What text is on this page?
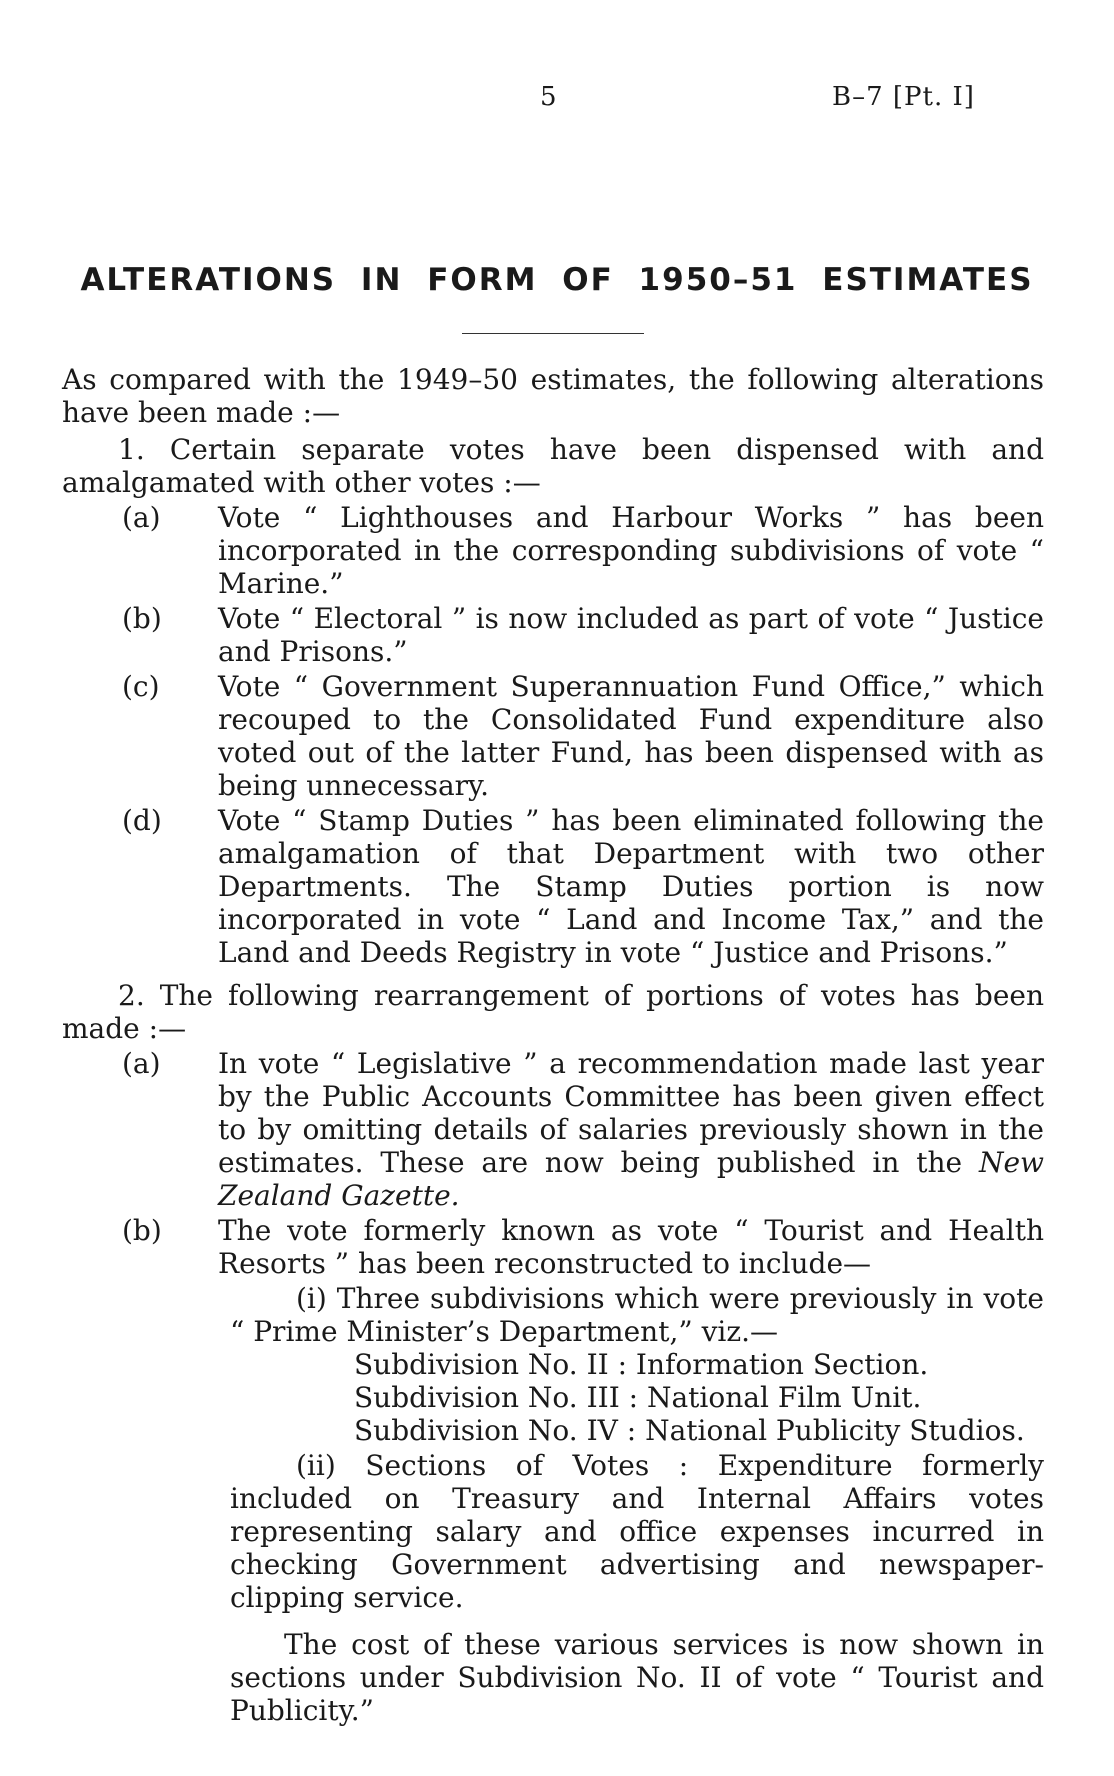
5	B–7 [Pt. I]
ALTERATIONS IN FORM OF 1950–51 ESTIMATES

As compared with the 1949–50 estimates, the following alterations have been made :—

1. Certain separate votes have been dispensed with and amalgamated with other votes :—

(a)	Vote “ Lighthouses and Harbour Works ” has been incorporated in the corresponding subdivisions of vote “ Marine.”
(b)	Vote “ Electoral ” is now included as part of vote “ Justice and Prisons.”
(c)	Vote “ Government Superannuation Fund Office,” which recouped to the Consolidated Fund expenditure also voted out of the latter Fund, has been dispensed with as being unnecessary.
(d)	Vote “ Stamp Duties ” has been eliminated following the amalgamation of that Department with two other Departments. The Stamp Duties portion is now incorporated in vote “ Land and Income Tax,” and the Land and Deeds Registry in vote “ Justice and Prisons.”

2. The following rearrangement of portions of votes has been made :—

(a)	In vote “ Legislative ” a recommendation made last year by the Public Accounts Committee has been given effect to by omitting details of salaries previously shown in the estimates. These are now being published in the New Zealand Gazette.
(b)	The vote formerly known as vote “ Tourist and Health Resorts ” has been reconstructed to include—
(i) Three subdivisions which were previously in vote “ Prime Minister’s Department,” viz.—
Subdivision No. II : Information Section.
Subdivision No. III : National Film Unit.
Subdivision No. IV : National Publicity Studios.
(ii) Sections of Votes : Expenditure formerly included on Treasury and Internal Affairs votes representing salary and office expenses incurred in checking Government advertising and newspaper-clipping service.

The cost of these various services is now shown in sections under Subdivision No. II of vote “ Tourist and Publicity.”
